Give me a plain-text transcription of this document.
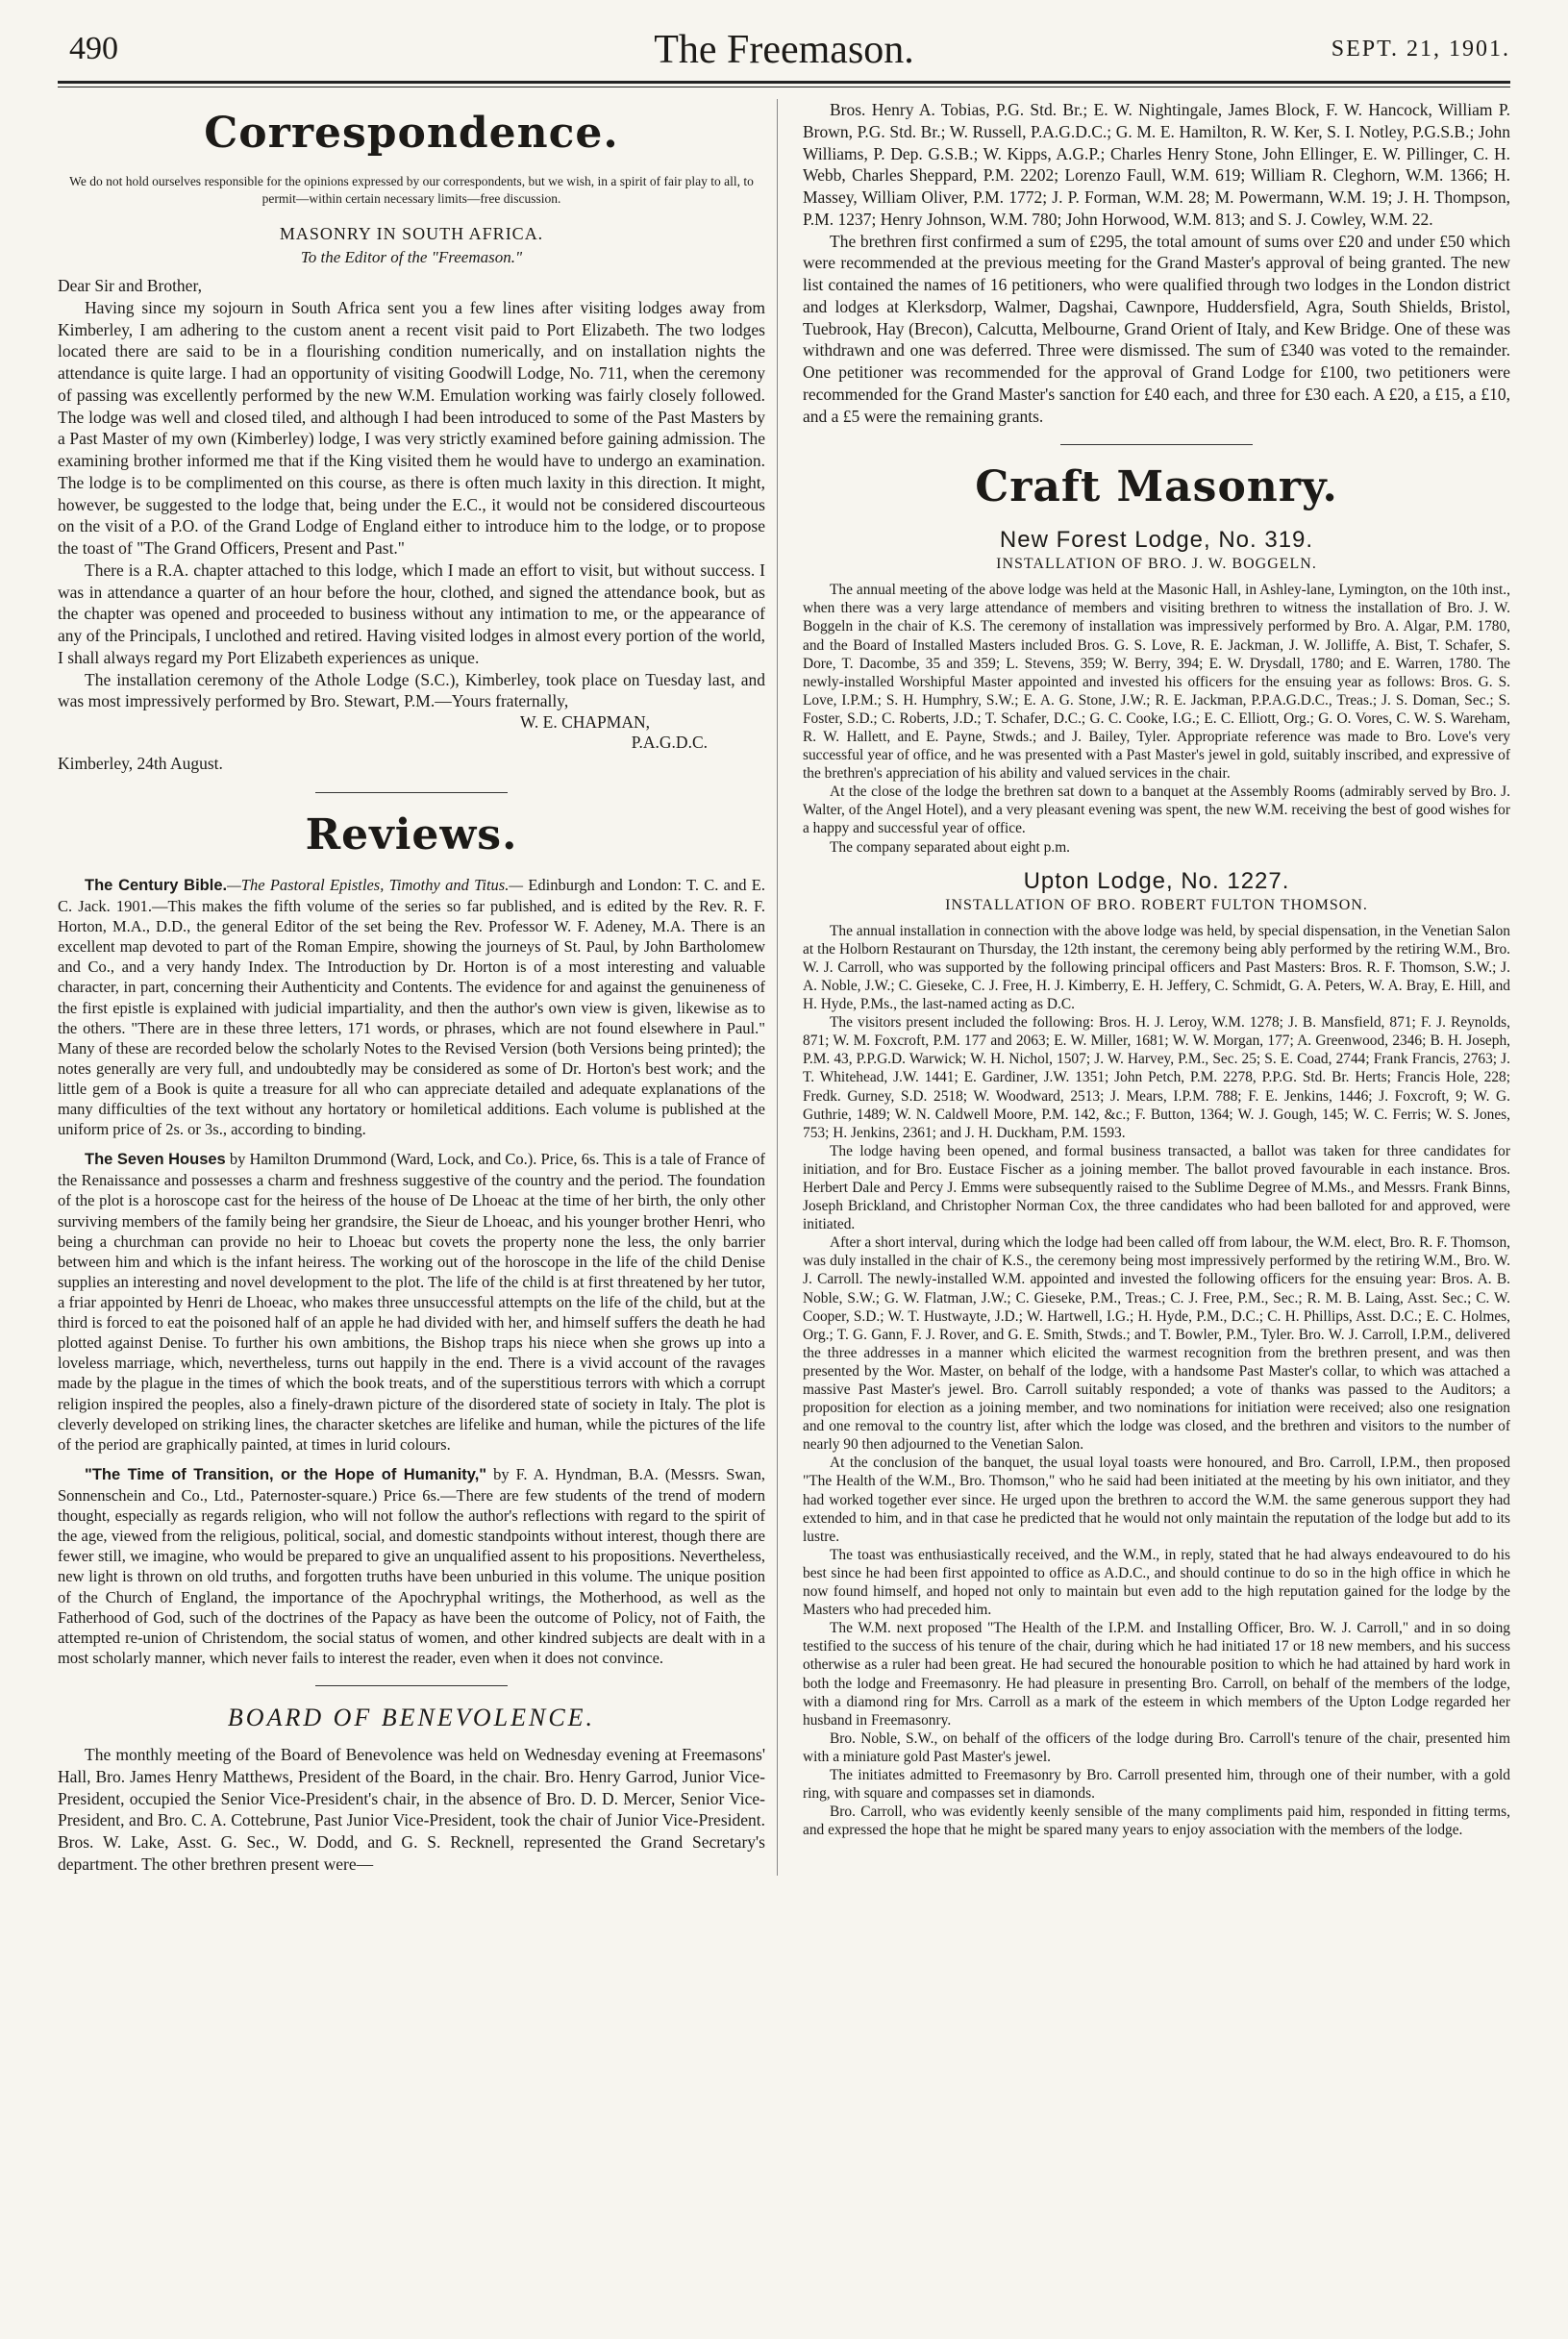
490	The Freemason.	SEPT. 21, 1901.
Correspondence.
We do not hold ourselves responsible for the opinions expressed by our correspondents, but we wish, in a spirit of fair play to all, to permit—within certain necessary limits—free discussion.
MASONRY IN SOUTH AFRICA.
To the Editor of the "Freemason."

Dear Sir and Brother,

Having since my sojourn in South Africa sent you a few lines after visiting lodges away from Kimberley, I am adhering to the custom anent a recent visit paid to Port Elizabeth. The two lodges located there are said to be in a flourishing condition numerically, and on installation nights the attendance is quite large. I had an opportunity of visiting Goodwill Lodge, No. 711, when the ceremony of passing was excellently performed by the new W.M. Emulation working was fairly closely followed. The lodge was well and closed tiled, and although I had been introduced to some of the Past Masters by a Past Master of my own (Kimberley) lodge, I was very strictly examined before gaining admission. The examining brother informed me that if the King visited them he would have to undergo an examination. The lodge is to be complimented on this course, as there is often much laxity in this direction. It might, however, be suggested to the lodge that, being under the E.C., it would not be considered discourteous on the visit of a P.O. of the Grand Lodge of England either to introduce him to the lodge, or to propose the toast of "The Grand Officers, Present and Past."

There is a R.A. chapter attached to this lodge, which I made an effort to visit, but without success. I was in attendance a quarter of an hour before the hour, clothed, and signed the attendance book, but as the chapter was opened and proceeded to business without any intimation to me, or the appearance of any of the Principals, I unclothed and retired. Having visited lodges in almost every portion of the world, I shall always regard my Port Elizabeth experiences as unique.

The installation ceremony of the Athole Lodge (S.C.), Kimberley, took place on Tuesday last, and was most impressively performed by Bro. Stewart, P.M.—Yours fraternally,

W. E. CHAPMAN,
P.A.G.D.C.

Kimberley, 24th August.

Reviews.

The Century Bible.—The Pastoral Epistles, Timothy and Titus.— Edinburgh and London: T. C. and E. C. Jack. 1901.—This makes the fifth volume of the series so far published, and is edited by the Rev. R. F. Horton, M.A., D.D., the general Editor of the set being the Rev. Professor W. F. Adeney, M.A. There is an excellent map devoted to part of the Roman Empire, showing the journeys of St. Paul, by John Bartholomew and Co., and a very handy Index. The Introduction by Dr. Horton is of a most interesting and valuable character, in part, concerning their Authenticity and Contents. The evidence for and against the genuineness of the first epistle is explained with judicial impartiality, and then the author's own view is given, likewise as to the others. "There are in these three letters, 171 words, or phrases, which are not found elsewhere in Paul." Many of these are recorded below the scholarly Notes to the Revised Version (both Versions being printed); the notes generally are very full, and undoubtedly may be considered as some of Dr. Horton's best work; and the little gem of a Book is quite a treasure for all who can appreciate detailed and adequate explanations of the many difficulties of the text without any hortatory or homiletical additions. Each volume is published at the uniform price of 2s. or 3s., according to binding.

The Seven Houses by Hamilton Drummond (Ward, Lock, and Co.). Price, 6s. This is a tale of France of the Renaissance and possesses a charm and freshness suggestive of the country and the period. The foundation of the plot is a horoscope cast for the heiress of the house of De Lhoeac at the time of her birth, the only other surviving members of the family being her grandsire, the Sieur de Lhoeac, and his younger brother Henri, who being a churchman can provide no heir to Lhoeac but covets the property none the less, the only barrier between him and which is the infant heiress. The working out of the horoscope in the life of the child Denise supplies an interesting and novel development to the plot. The life of the child is at first threatened by her tutor, a friar appointed by Henri de Lhoeac, who makes three unsuccessful attempts on the life of the child, but at the third is forced to eat the poisoned half of an apple he had divided with her, and himself suffers the death he had plotted against Denise. To further his own ambitions, the Bishop traps his niece when she grows up into a loveless marriage, which, nevertheless, turns out happily in the end. There is a vivid account of the ravages made by the plague in the times of which the book treats, and of the superstitious terrors with which a corrupt religion inspired the peoples, also a finely-drawn picture of the disordered state of society in Italy. The plot is cleverly developed on striking lines, the character sketches are lifelike and human, while the pictures of the life of the period are graphically painted, at times in lurid colours.

"The Time of Transition, or the Hope of Humanity," by F. A. Hyndman, B.A. (Messrs. Swan, Sonnenschein and Co., Ltd., Paternoster-square.) Price 6s.—There are few students of the trend of modern thought, especially as regards religion, who will not follow the author's reflections with regard to the spirit of the age, viewed from the religious, political, social, and domestic standpoints without interest, though there are fewer still, we imagine, who would be prepared to give an unqualified assent to his propositions. Nevertheless, new light is thrown on old truths, and forgotten truths have been unburied in this volume. The unique position of the Church of England, the importance of the Apochryphal writings, the Motherhood, as well as the Fatherhood of God, such of the doctrines of the Papacy as have been the outcome of Policy, not of Faith, the attempted re-union of Christendom, the social status of women, and other kindred subjects are dealt with in a most scholarly manner, which never fails to interest the reader, even when it does not convince.

BOARD OF BENEVOLENCE.

The monthly meeting of the Board of Benevolence was held on Wednesday evening at Freemasons' Hall, Bro. James Henry Matthews, President of the Board, in the chair. Bro. Henry Garrod, Junior Vice-President, occupied the Senior Vice-President's chair, in the absence of Bro. D. D. Mercer, Senior Vice-President, and Bro. C. A. Cottebrune, Past Junior Vice-President, took the chair of Junior Vice-President. Bros. W. Lake, Asst. G. Sec., W. Dodd, and G. S. Recknell, represented the Grand Secretary's department. The other brethren present were—

Bros. Henry A. Tobias, P.G. Std. Br.; E. W. Nightingale, James Block, F. W. Hancock, William P. Brown, P.G. Std. Br.; W. Russell, P.A.G.D.C.; G. M. E. Hamilton, R. W. Ker, S. I. Notley, P.G.S.B.; John Williams, P. Dep. G.S.B.; W. Kipps, A.G.P.; Charles Henry Stone, John Ellinger, E. W. Pillinger, C. H. Webb, Charles Sheppard, P.M. 2202; Lorenzo Faull, W.M. 619; William R. Cleghorn, W.M. 1366; H. Massey, William Oliver, P.M. 1772; J. P. Forman, W.M. 28; M. Powermann, W.M. 19; J. H. Thompson, P.M. 1237; Henry Johnson, W.M. 780; John Horwood, W.M. 813; and S. J. Cowley, W.M. 22.

The brethren first confirmed a sum of £295, the total amount of sums over £20 and under £50 which were recommended at the previous meeting for the Grand Master's approval of being granted. The new list contained the names of 16 petitioners, who were qualified through two lodges in the London district and lodges at Klerksdorp, Walmer, Dagshai, Cawnpore, Huddersfield, Agra, South Shields, Bristol, Tuebrook, Hay (Brecon), Calcutta, Melbourne, Grand Orient of Italy, and Kew Bridge. One of these was withdrawn and one was deferred. Three were dismissed. The sum of £340 was voted to the remainder. One petitioner was recommended for the approval of Grand Lodge for £100, two petitioners were recommended for the Grand Master's sanction for £40 each, and three for £30 each. A £20, a £15, a £10, and a £5 were the remaining grants.

Craft Masonry.
New Forest Lodge, No. 319.
INSTALLATION OF BRO. J. W. BOGGELN.

The annual meeting of the above lodge was held at the Masonic Hall, in Ashley-lane, Lymington, on the 10th inst., when there was a very large attendance of members and visiting brethren to witness the installation of Bro. J. W. Boggeln in the chair of K.S. The ceremony of installation was impressively performed by Bro. A. Algar, P.M. 1780, and the Board of Installed Masters included Bros. G. S. Love, R. E. Jackman, J. W. Jolliffe, A. Bist, T. Schafer, S. Dore, T. Dacombe, 35 and 359; L. Stevens, 359; W. Berry, 394; E. W. Drysdall, 1780; and E. Warren, 1780. The newly-installed Worshipful Master appointed and invested his officers for the ensuing year as follows: Bros. G. S. Love, I.P.M.; S. H. Humphry, S.W.; E. A. G. Stone, J.W.; R. E. Jackman, P.P.A.G.D.C., Treas.; J. S. Doman, Sec.; S. Foster, S.D.; C. Roberts, J.D.; T. Schafer, D.C.; G. C. Cooke, I.G.; E. C. Elliott, Org.; G. O. Vores, C. W. S. Wareham, R. W. Hallett, and E. Payne, Stwds.; and J. Bailey, Tyler. Appropriate reference was made to Bro. Love's very successful year of office, and he was presented with a Past Master's jewel in gold, suitably inscribed, and expressive of the brethren's appreciation of his ability and valued services in the chair.

At the close of the lodge the brethren sat down to a banquet at the Assembly Rooms (admirably served by Bro. J. Walter, of the Angel Hotel), and a very pleasant evening was spent, the new W.M. receiving the best of good wishes for a happy and successful year of office.

The company separated about eight p.m.

Upton Lodge, No. 1227.
INSTALLATION OF BRO. ROBERT FULTON THOMSON.

The annual installation in connection with the above lodge was held, by special dispensation, in the Venetian Salon at the Holborn Restaurant on Thursday, the 12th instant, the ceremony being ably performed by the retiring W.M., Bro. W. J. Carroll, who was supported by the following principal officers and Past Masters: Bros. R. F. Thomson, S.W.; J. A. Noble, J.W.; C. Gieseke, C. J. Free, H. J. Kimberry, E. H. Jeffery, C. Schmidt, G. A. Peters, W. A. Bray, E. Hill, and H. Hyde, P.Ms., the last-named acting as D.C.

The visitors present included the following: Bros. H. J. Leroy, W.M. 1278; J. B. Mansfield, 871; F. J. Reynolds, 871; W. M. Foxcroft, P.M. 177 and 2063; E. W. Miller, 1681; W. W. Morgan, 177; A. Greenwood, 2346; B. H. Joseph, P.M. 43, P.P.G.D. Warwick; W. H. Nichol, 1507; J. W. Harvey, P.M., Sec. 25; S. E. Coad, 2744; Frank Francis, 2763; J. T. Whitehead, J.W. 1441; E. Gardiner, J.W. 1351; John Petch, P.M. 2278, P.P.G. Std. Br. Herts; Francis Hole, 228; Fredk. Gurney, S.D. 2518; W. Woodward, 2513; J. Mears, I.P.M. 788; F. E. Jenkins, 1446; J. Foxcroft, 9; W. G. Guthrie, 1489; W. N. Caldwell Moore, P.M. 142, &c.; F. Button, 1364; W. J. Gough, 145; W. C. Ferris; W. S. Jones, 753; H. Jenkins, 2361; and J. H. Duckham, P.M. 1593.

The lodge having been opened, and formal business transacted, a ballot was taken for three candidates for initiation, and for Bro. Eustace Fischer as a joining member. The ballot proved favourable in each instance. Bros. Herbert Dale and Percy J. Emms were subsequently raised to the Sublime Degree of M.Ms., and Messrs. Frank Binns, Joseph Brickland, and Christopher Norman Cox, the three candidates who had been balloted for and approved, were initiated.

After a short interval, during which the lodge had been called off from labour, the W.M. elect, Bro. R. F. Thomson, was duly installed in the chair of K.S., the ceremony being most impressively performed by the retiring W.M., Bro. W. J. Carroll. The newly-installed W.M. appointed and invested the following officers for the ensuing year: Bros. A. B. Noble, S.W.; G. W. Flatman, J.W.; C. Gieseke, P.M., Treas.; C. J. Free, P.M., Sec.; R. M. B. Laing, Asst. Sec.; C. W. Cooper, S.D.; W. T. Hustwayte, J.D.; W. Hartwell, I.G.; H. Hyde, P.M., D.C.; C. H. Phillips, Asst. D.C.; E. C. Holmes, Org.; T. G. Gann, F. J. Rover, and G. E. Smith, Stwds.; and T. Bowler, P.M., Tyler. Bro. W. J. Carroll, I.P.M., delivered the three addresses in a manner which elicited the warmest recognition from the brethren present, and was then presented by the Wor. Master, on behalf of the lodge, with a handsome Past Master's collar, to which was attached a massive Past Master's jewel. Bro. Carroll suitably responded; a vote of thanks was passed to the Auditors; a proposition for election as a joining member, and two nominations for initiation were received; also one resignation and one removal to the country list, after which the lodge was closed, and the brethren and visitors to the number of nearly 90 then adjourned to the Venetian Salon.

At the conclusion of the banquet, the usual loyal toasts were honoured, and Bro. Carroll, I.P.M., then proposed "The Health of the W.M., Bro. Thomson," who he said had been initiated at the meeting by his own initiator, and they had worked together ever since. He urged upon the brethren to accord the W.M. the same generous support they had extended to him, and in that case he predicted that he would not only maintain the reputation of the lodge but add to its lustre.

The toast was enthusiastically received, and the W.M., in reply, stated that he had always endeavoured to do his best since he had been first appointed to office as A.D.C., and should continue to do so in the high office in which he now found himself, and hoped not only to maintain but even add to the high reputation gained for the lodge by the Masters who had preceded him.

The W.M. next proposed "The Health of the I.P.M. and Installing Officer, Bro. W. J. Carroll," and in so doing testified to the success of his tenure of the chair, during which he had initiated 17 or 18 new members, and his success otherwise as a ruler had been great. He had secured the honourable position to which he had attained by hard work in both the lodge and Freemasonry. He had pleasure in presenting Bro. Carroll, on behalf of the members of the lodge, with a diamond ring for Mrs. Carroll as a mark of the esteem in which members of the Upton Lodge regarded her husband in Freemasonry.

Bro. Noble, S.W., on behalf of the officers of the lodge during Bro. Carroll's tenure of the chair, presented him with a miniature gold Past Master's jewel.

The initiates admitted to Freemasonry by Bro. Carroll presented him, through one of their number, with a gold ring, with square and compasses set in diamonds.

Bro. Carroll, who was evidently keenly sensible of the many compliments paid him, responded in fitting terms, and expressed the hope that he might be spared many years to enjoy association with the members of the lodge.
